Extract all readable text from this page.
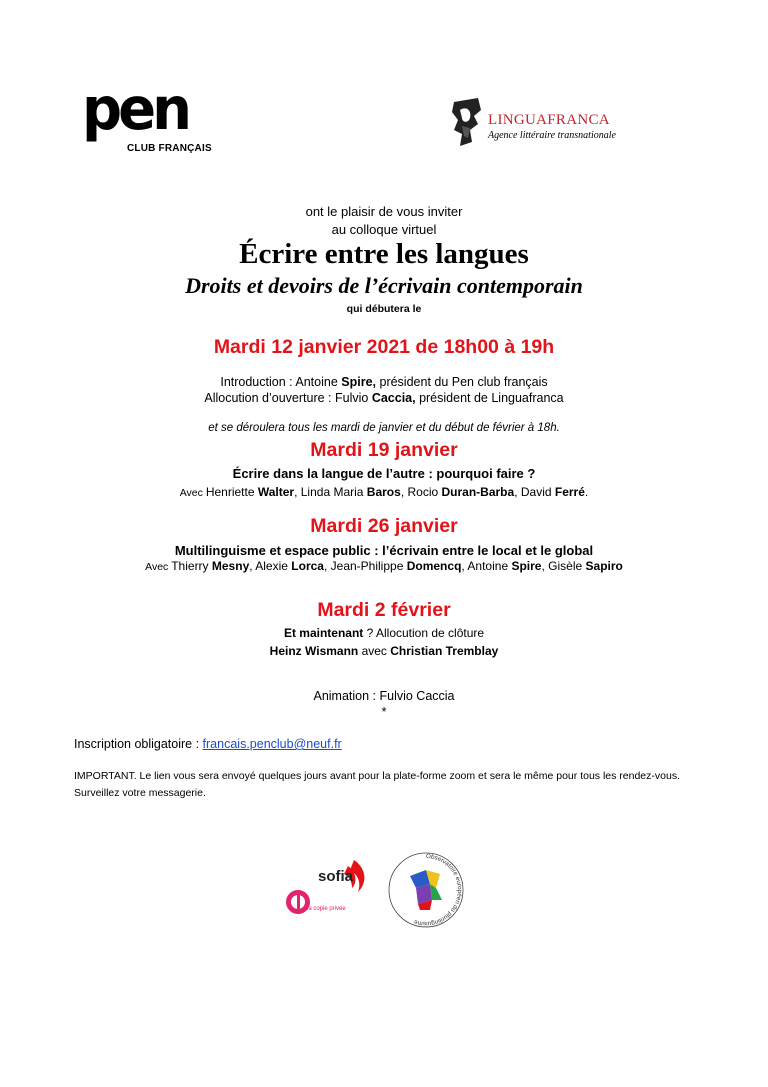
pen
CLUB FRANÇAIS
LINGUAFRANCA
Agence littéraire transnationale
ont le plaisir de vous inviter
au colloque virtuel
Écrire entre les langues
Droits et devoirs de l’écrivain contemporain
qui débutera le
Mardi 12 janvier 2021 de 18h00 à 19h
Introduction : Antoine Spire, président du Pen club français
Allocution d’ouverture : Fulvio Caccia, président de Linguafranca
et se déroulera tous les mardi de janvier et du début de février à 18h.
Mardi 19 janvier
Écrire dans la langue de l’autre : pourquoi faire ?
Avec Henriette Walter, Linda Maria Baros, Rocio Duran-Barba, David Ferré.
Mardi 26 janvier
Multilinguisme et espace public : l’écrivain entre le local et le global
Avec Thierry Mesny, Alexie Lorca, Jean-Philippe Domencq, Antoine Spire, Gisèle Sapiro
Mardi 2 février
Et maintenant ? Allocution de clôture
Heinz Wismann avec Christian Tremblay
Animation : Fulvio Caccia
*
Inscription obligatoire : francais.penclub@neuf.fr
IMPORTANT. Le lien vous sera envoyé quelques jours avant pour la plate-forme zoom et sera le même pour tous les rendez-vous. Surveillez votre messagerie.
sofia
la copie privée
Observatoire européen du plurilinguisme
